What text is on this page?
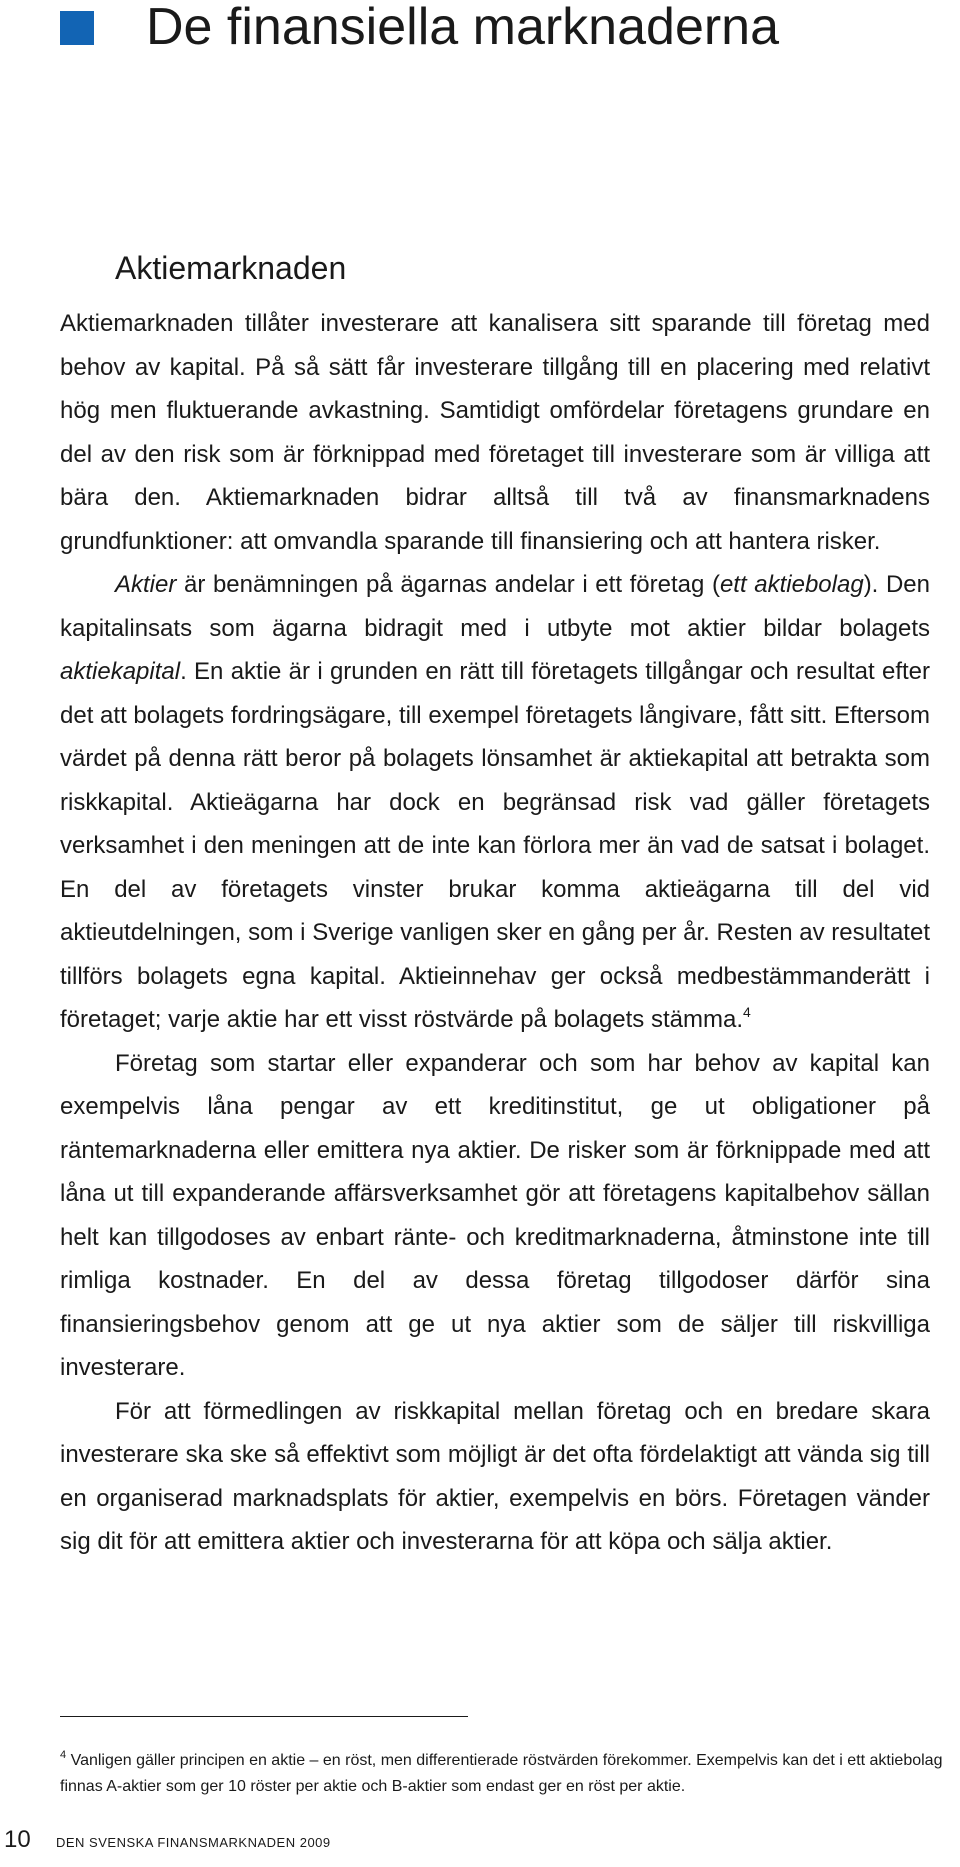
De finansiella marknaderna
Aktiemarknaden

Aktiemarknaden tillåter investerare att kanalisera sitt sparande till företag med behov av kapital. På så sätt får investerare tillgång till en placering med relativt hög men fluktuerande avkastning. Samtidigt omfördelar företagens grundare en del av den risk som är förknippad med företaget till investerare som är villiga att bära den. Aktiemarknaden bidrar alltså till två av finansmarknadens grundfunktioner: att omvandla sparande till finansiering och att hantera risker.

Aktier är benämningen på ägarnas andelar i ett företag (ett aktiebolag). Den kapitalinsats som ägarna bidragit med i utbyte mot aktier bildar bolagets aktiekapital. En aktie är i grunden en rätt till företagets tillgångar och resultat efter det att bolagets fordringsägare, till exempel företagets långivare, fått sitt. Eftersom värdet på denna rätt beror på bolagets lönsamhet är aktiekapital att betrakta som riskkapital. Aktieägarna har dock en begränsad risk vad gäller företagets verksamhet i den meningen att de inte kan förlora mer än vad de satsat i bolaget. En del av företagets vinster brukar komma aktieägarna till del vid aktieutdelningen, som i Sverige vanligen sker en gång per år. Resten av resultatet tillförs bolagets egna kapital. Aktieinnehav ger också medbestämmanderätt i företaget; varje aktie har ett visst röstvärde på bolagets stämma.$^4$

Företag som startar eller expanderar och som har behov av kapital kan exempelvis låna pengar av ett kreditinstitut, ge ut obligationer på räntemarknaderna eller emittera nya aktier. De risker som är förknippade med att låna ut till expanderande affärsverksamhet gör att företagens kapitalbehov sällan helt kan tillgodoses av enbart ränte- och kreditmarknaderna, åtminstone inte till rimliga kostnader. En del av dessa företag tillgodoser därför sina finansieringsbehov genom att ge ut nya aktier som de säljer till riskvilliga investerare.

För att förmedlingen av riskkapital mellan företag och en bredare skara investerare ska ske så effektivt som möjligt är det ofta fördelaktigt att vända sig till en organiserad marknadsplats för aktier, exempelvis en börs. Företagen vänder sig dit för att emittera aktier och investerarna för att köpa och sälja aktier.

$^4$ Vanligen gäller principen en aktie – en röst, men differentierade röstvärden förekommer. Exempelvis kan det i ett aktiebolag finnas A-aktier som ger 10 röster per aktie och B-aktier som endast ger en röst per aktie.

10	DEN SVENSKA FINANSMARKNADEN 2009
